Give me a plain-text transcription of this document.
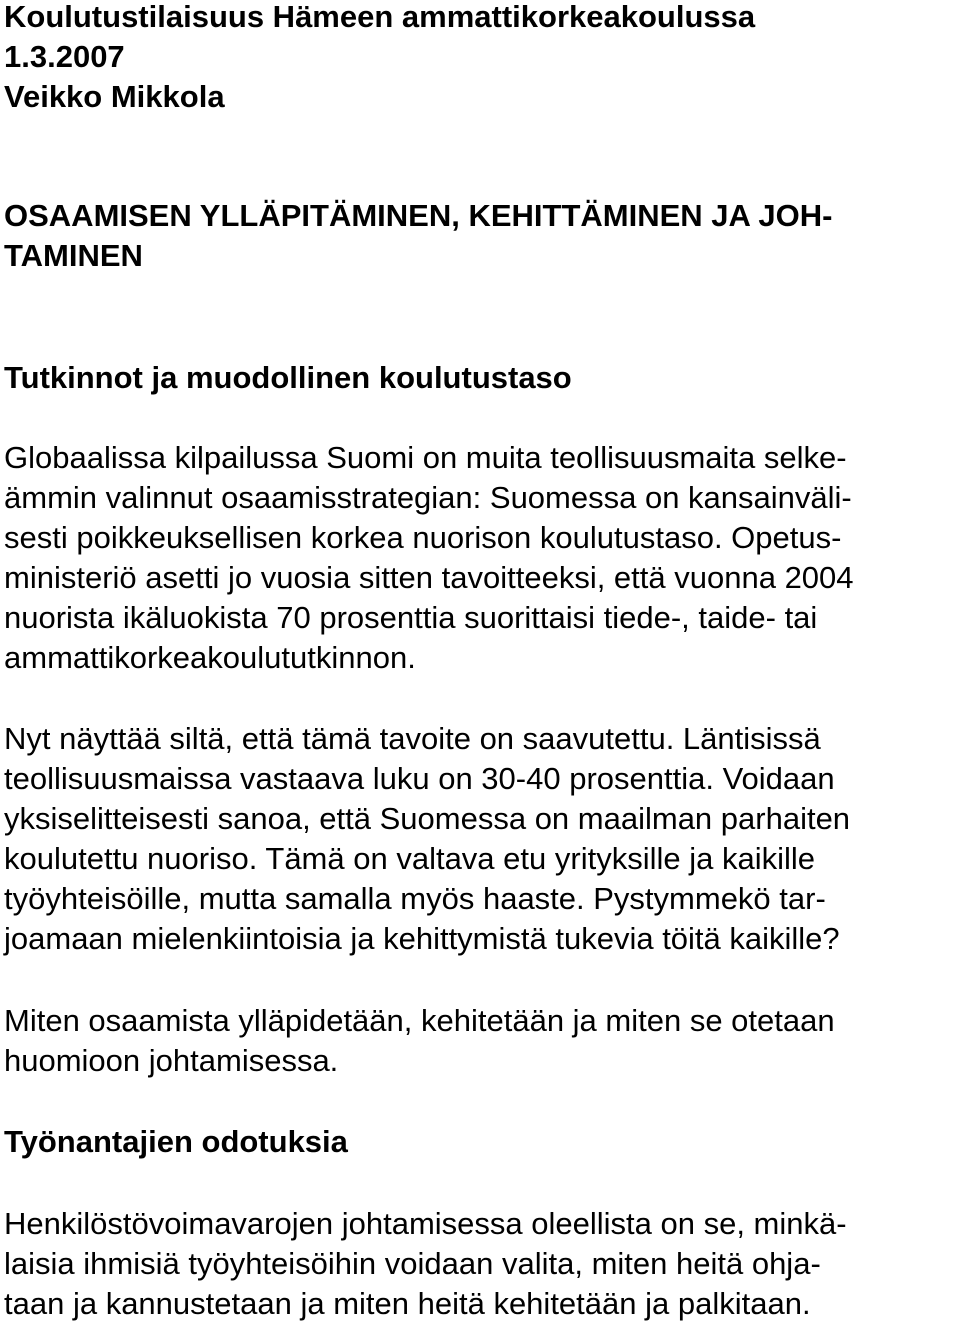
Koulutustilaisuus Hämeen ammattikorkeakoulussa

1.3.2007

Veikko Mikkola

OSAAMISEN YLLÄPITÄMINEN, KEHITTÄMINEN JA JOH-

TAMINEN

Tutkinnot ja muodollinen koulutustaso

Globaalissa kilpailussa Suomi on muita teollisuusmaita selke-

ämmin valinnut osaamisstrategian: Suomessa on kansainväli-

sesti poikkeuksellisen korkea nuorison koulutustaso. Opetus-

ministeriö asetti jo vuosia sitten tavoitteeksi, että vuonna 2004

nuorista ikäluokista 70 prosenttia suorittaisi tiede-, taide- tai

ammattikorkeakoulututkinnon.

Nyt näyttää siltä, että tämä tavoite on saavutettu. Läntisissä

teollisuusmaissa vastaava luku on 30-40 prosenttia. Voidaan

yksiselitteisesti sanoa, että Suomessa on maailman parhaiten

koulutettu nuoriso. Tämä on valtava etu yrityksille ja kaikille

työyhteisöille, mutta samalla myös haaste. Pystymmekö tar-

joamaan mielenkiintoisia ja kehittymistä tukevia töitä kaikille?

Miten osaamista ylläpidetään, kehitetään ja miten se otetaan

huomioon johtamisessa.

Työnantajien odotuksia

Henkilöstövoimavarojen johtamisessa oleellista on se, minkä-

laisia ihmisiä työyhteisöihin voidaan valita, miten heitä ohja-

taan ja kannustetaan ja miten heitä kehitetään ja palkitaan.
